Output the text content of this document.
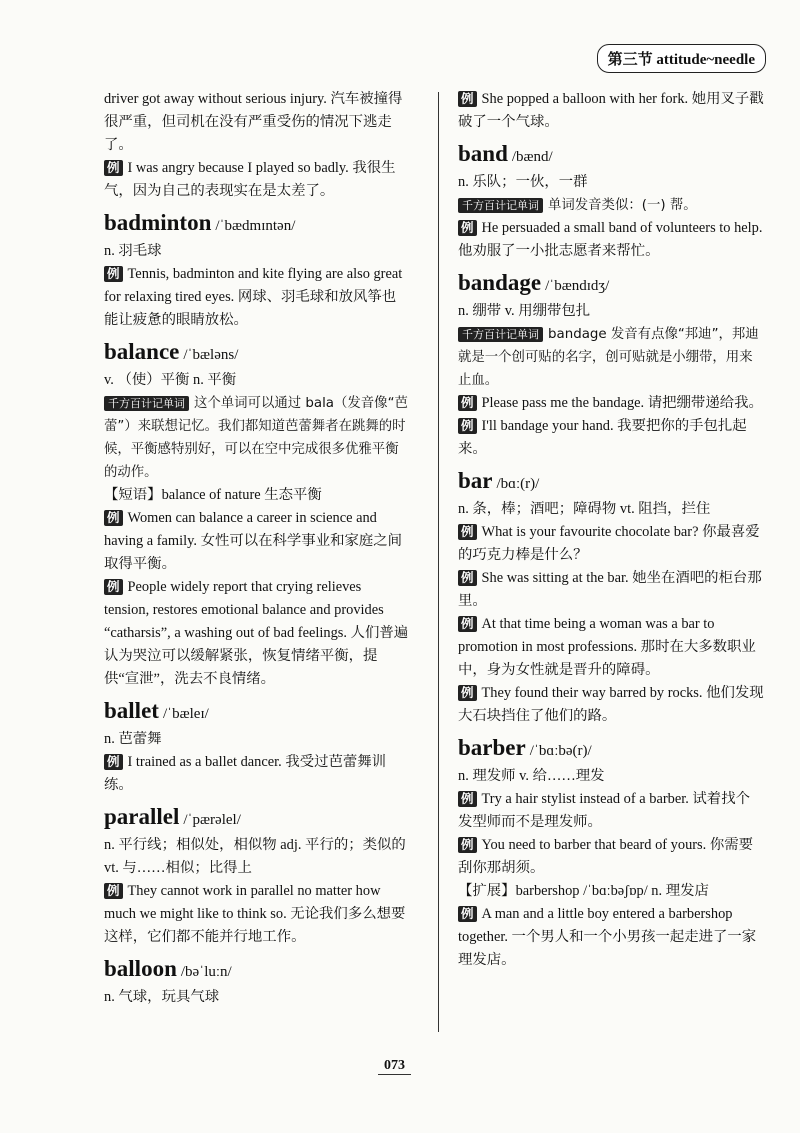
第三节 attitude~needle

driver got away without serious injury. 汽车被撞得很严重，但司机在没有严重受伤的情况下逃走了。

例 I was angry because I played so badly. 我很生气，因为自己的表现实在是太差了。

badminton /ˈbædmɪntən/

n. 羽毛球

例 Tennis, badminton and kite flying are also great for relaxing tired eyes. 网球、羽毛球和放风筝也能让疲惫的眼睛放松。

balance /ˈbæləns/

v. （使）平衡 n. 平衡

千方百计记单词 这个单词可以通过 bala（发音像“芭蕾”）来联想记忆。我们都知道芭蕾舞者在跳舞的时候，平衡感特别好，可以在空中完成很多优雅平衡的动作。

【短语】balance of nature 生态平衡

例 Women can balance a career in science and having a family. 女性可以在科学事业和家庭之间取得平衡。

例 People widely report that crying relieves tension, restores emotional balance and provides “catharsis”, a washing out of bad feelings. 人们普遍认为哭泣可以缓解紧张，恢复情绪平衡，提供“宣泄”，洗去不良情绪。

ballet /ˈbæleɪ/

n. 芭蕾舞

例 I trained as a ballet dancer. 我受过芭蕾舞训练。

parallel /ˈpærəlel/

n. 平行线；相似处，相似物 adj. 平行的；类似的 vt. 与……相似；比得上

例 They cannot work in parallel no matter how much we might like to think so. 无论我们多么想要这样，它们都不能并行地工作。

balloon /bəˈluːn/

n. 气球，玩具气球

例 She popped a balloon with her fork. 她用叉子戳破了一个气球。

band /bænd/

n. 乐队；一伙，一群

千方百计记单词 单词发音类似：(一) 帮。

例 He persuaded a small band of volunteers to help. 他劝服了一小批志愿者来帮忙。

bandage /ˈbændɪdʒ/

n. 绷带 v. 用绷带包扎

千方百计记单词 bandage 发音有点像“邦迪”，邦迪就是一个创可贴的名字，创可贴就是小绷带，用来止血。

例 Please pass me the bandage. 请把绷带递给我。

例 I'll bandage your hand. 我要把你的手包扎起来。

bar /bɑː(r)/

n. 条，棒；酒吧；障碍物 vt. 阻挡，拦住

例 What is your favourite chocolate bar? 你最喜爱的巧克力棒是什么？

例 She was sitting at the bar. 她坐在酒吧的柜台那里。

例 At that time being a woman was a bar to promotion in most professions. 那时在大多数职业中，身为女性就是晋升的障碍。

例 They found their way barred by rocks. 他们发现大石块挡住了他们的路。

barber /ˈbɑːbə(r)/

n. 理发师 v. 给……理发

例 Try a hair stylist instead of a barber. 试着找个发型师而不是理发师。

例 You need to barber that beard of yours. 你需要刮你那胡须。

【扩展】barbershop /ˈbɑːbəʃɒp/ n. 理发店

例 A man and a little boy entered a barbershop together. 一个男人和一个小男孩一起走进了一家理发店。

073
